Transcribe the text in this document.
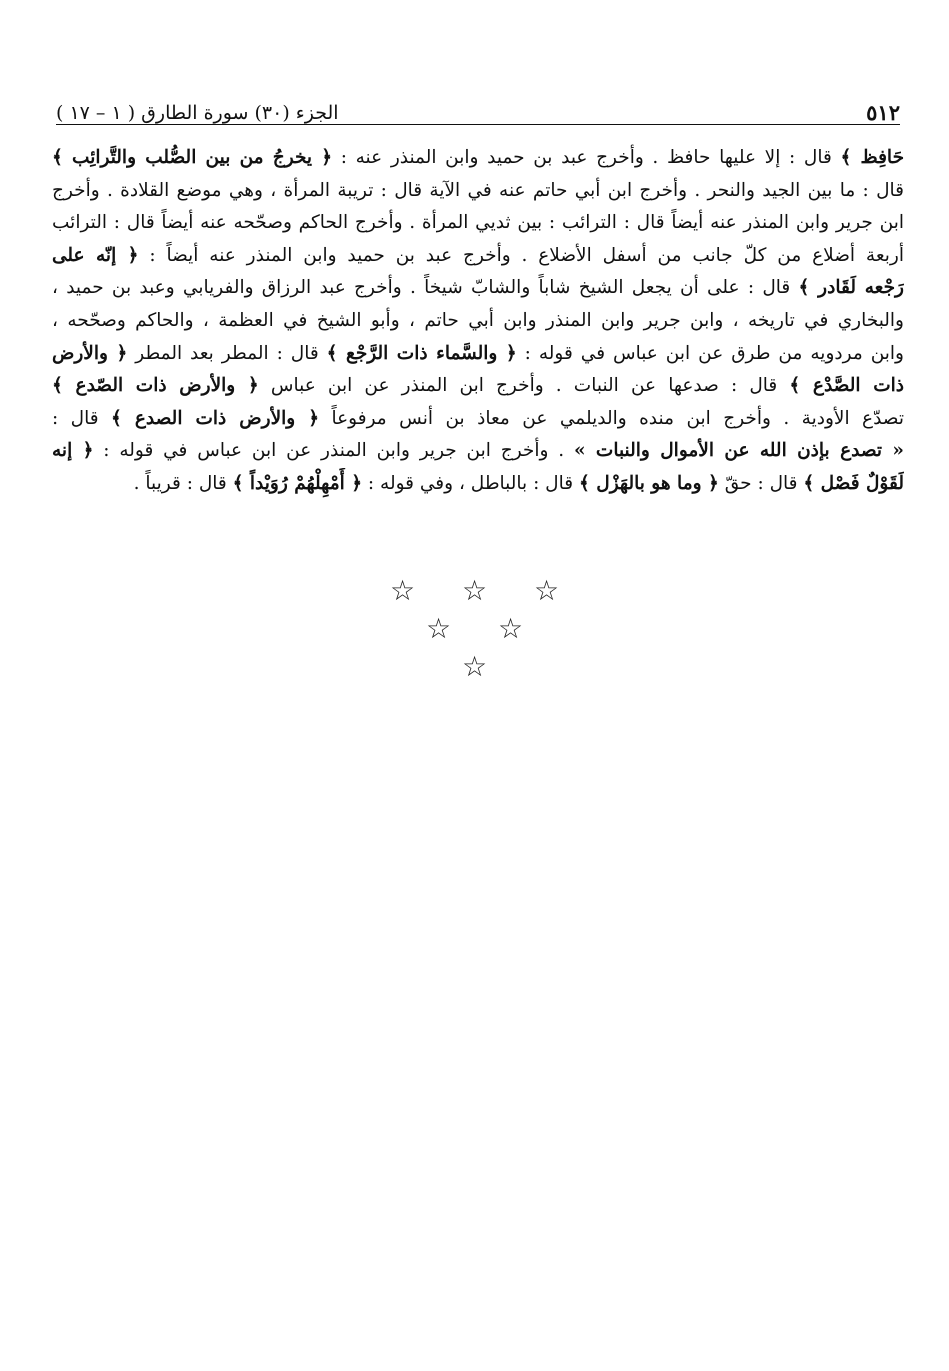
٥١٢
الجزء (٣٠) سورة الطارق ( ١ – ١٧ )
حَافِظ ﴾ قال : إلا عليها حافظ . وأخرج عبد بن حميد وابن المنذر عنه : ﴿ يخرجُ من بين الصُّلب والتَّرائِب ﴾
قال : ما بين الجيد والنحر . وأخرج ابن أبي حاتم عنه في الآية قال : تريبة المرأة ، وهي موضع القلادة . وأخرج
ابن جرير وابن المنذر عنه أيضاً قال : الترائب : بين ثديي المرأة . وأخرج الحاكم وصحّحه عنه أيضاً قال : الترائب
أربعة أضلاع من كلّ جانب من أسفل الأضلاع . وأخرج عبد بن حميد وابن المنذر عنه أيضاً : ﴿ إنّه على
رَجْعه لَقَادر ﴾ قال : على أن يجعل الشيخ شاباً والشابّ شيخاً . وأخرج عبد الرزاق والفريابي وعبد بن حميد ،
والبخاري في تاريخه ، وابن جرير وابن المنذر وابن أبي حاتم ، وأبو الشيخ في العظمة ، والحاكم وصحّحه ،
وابن مردويه من طرق عن ابن عباس في قوله : ﴿ والسَّماء ذات الرَّجْع ﴾ قال : المطر بعد المطر ﴿ والأرض
ذات الصَّدْع ﴾ قال : صدعها عن النبات . وأخرج ابن المنذر عن ابن عباس ﴿ والأرض ذات الصّدع ﴾
تصدّع الأودية . وأخرج ابن منده والديلمي عن معاذ بن أنس مرفوعاً ﴿ والأرض ذات الصدع ﴾ قال :
« تصدع بإذن الله عن الأموال والنبات » . وأخرج ابن جرير وابن المنذر عن ابن عباس في قوله : ﴿ إنه
لَقَوْلٌ فَصْل ﴾ قال : حقّ ﴿ وما هو بالهَزْل ﴾ قال : بالباطل ، وفي قوله : ﴿ أَمْهِلْهُمْ رُوَيْداً ﴾ قال : قريباً .
☆ ☆ ☆
☆ ☆
☆
